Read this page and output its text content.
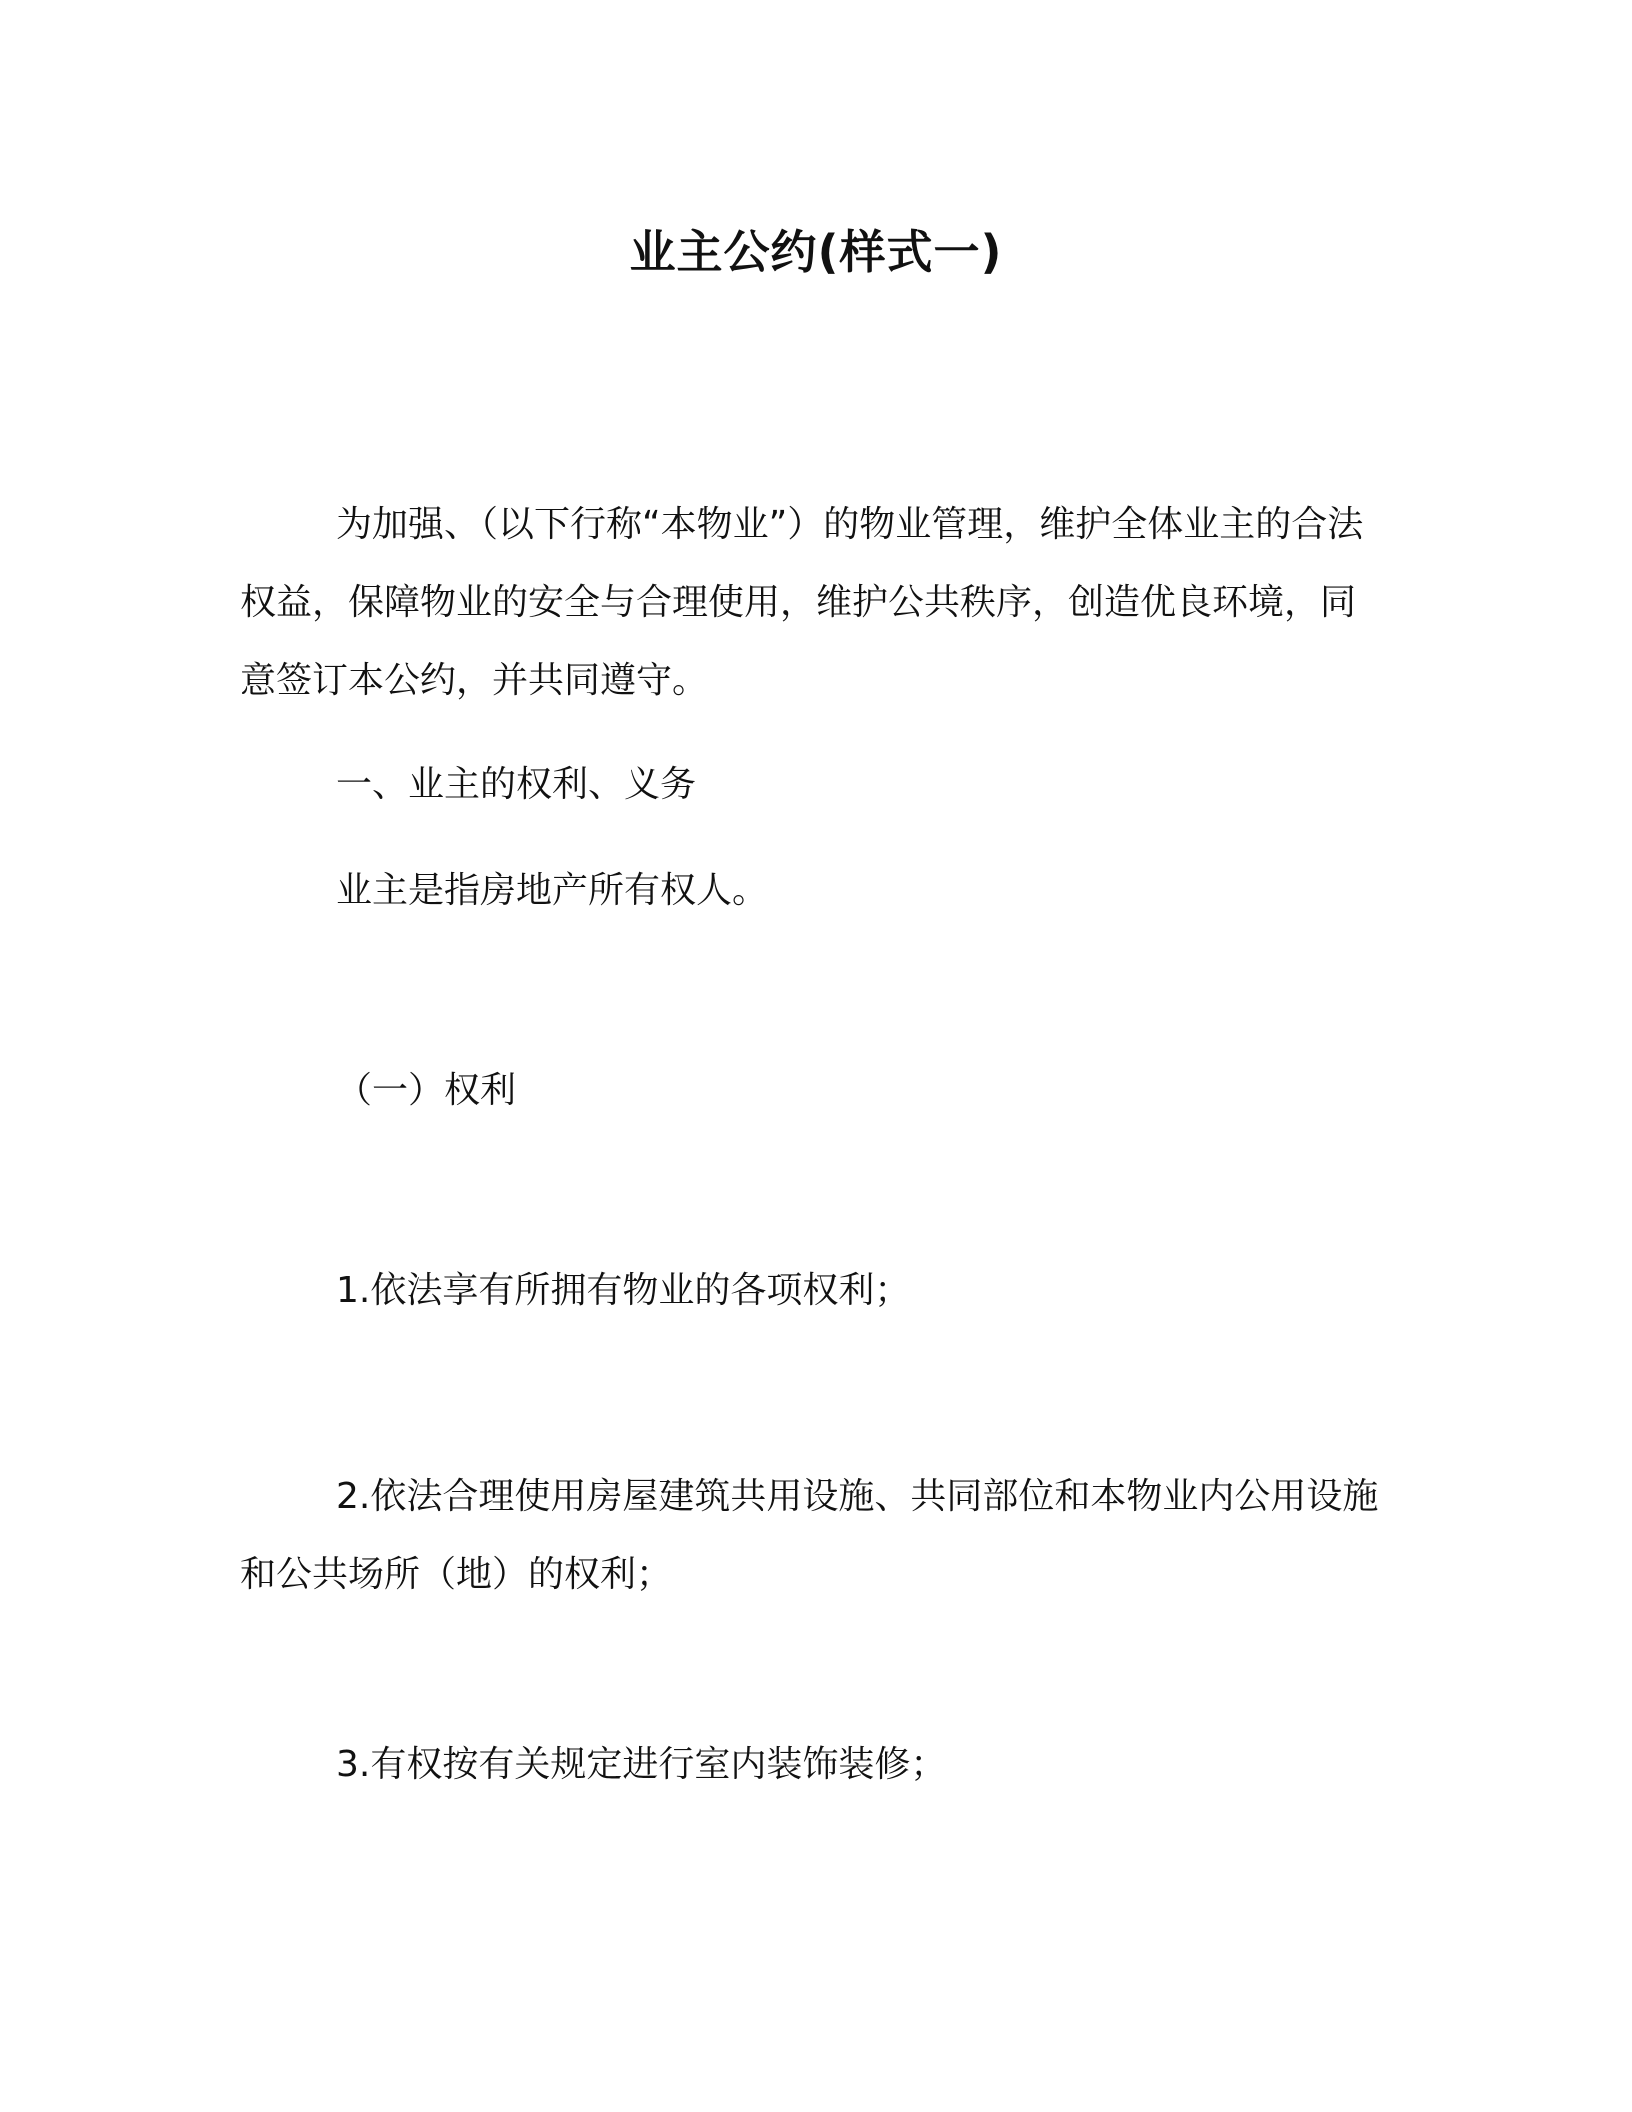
业主公约(样式一)

为加强、（以下行称“本物业”）的物业管理，维护全体业主的合法权益，保障物业的安全与合理使用，维护公共秩序，创造优良环境，同意签订本公约，并共同遵守。

一、业主的权利、义务

业主是指房地产所有权人。

（一）权利

1.依法享有所拥有物业的各项权利；

2.依法合理使用房屋建筑共用设施、共同部位和本物业内公用设施和公共场所（地）的权利；

3.有权按有关规定进行室内装饰装修；
